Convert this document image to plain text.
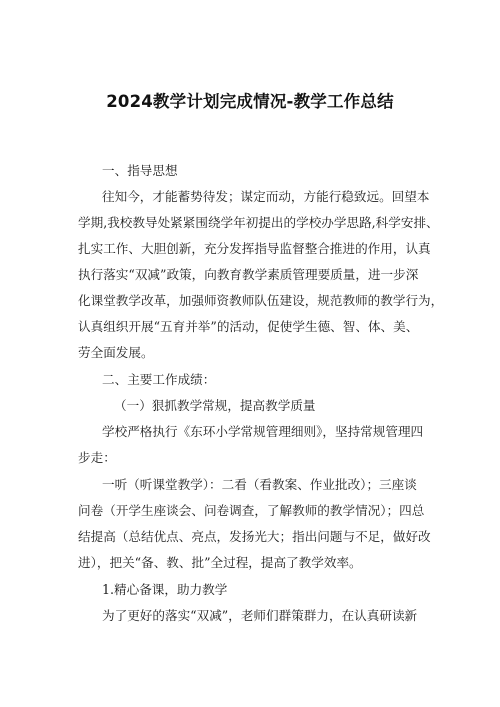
2024教学计划完成情况-教学工作总结
一、指导思想
往知今，才能蓄势待发；谋定而动，方能行稳致远。回望本
学期,我校教导处紧紧围绕学年初提出的学校办学思路,科学安排、
扎实工作、大胆创新，充分发挥指导监督整合推进的作用，认真
执行落实“双减”政策，向教育教学素质管理要质量，进一步深
化课堂教学改革，加强师资教师队伍建设，规范教师的教学行为，
认真组织开展“五育并举”的活动，促使学生德、智、体、美、
劳全面发展。
二、主要工作成绩：
（一）狠抓教学常规，提高教学质量
学校严格执行《东环小学常规管理细则》，坚持常规管理四
步走：
一听（听课堂教学）：二看（看教案、作业批改）；三座谈
问卷（开学生座谈会、问卷调查，了解教师的教学情况）；四总
结提高（总结优点、亮点，发扬光大；指出问题与不足，做好改
进），把关“备、教、批”全过程，提高了教学效率。
1.精心备课，助力教学
为了更好的落实“双减”，老师们群策群力，在认真研读新
